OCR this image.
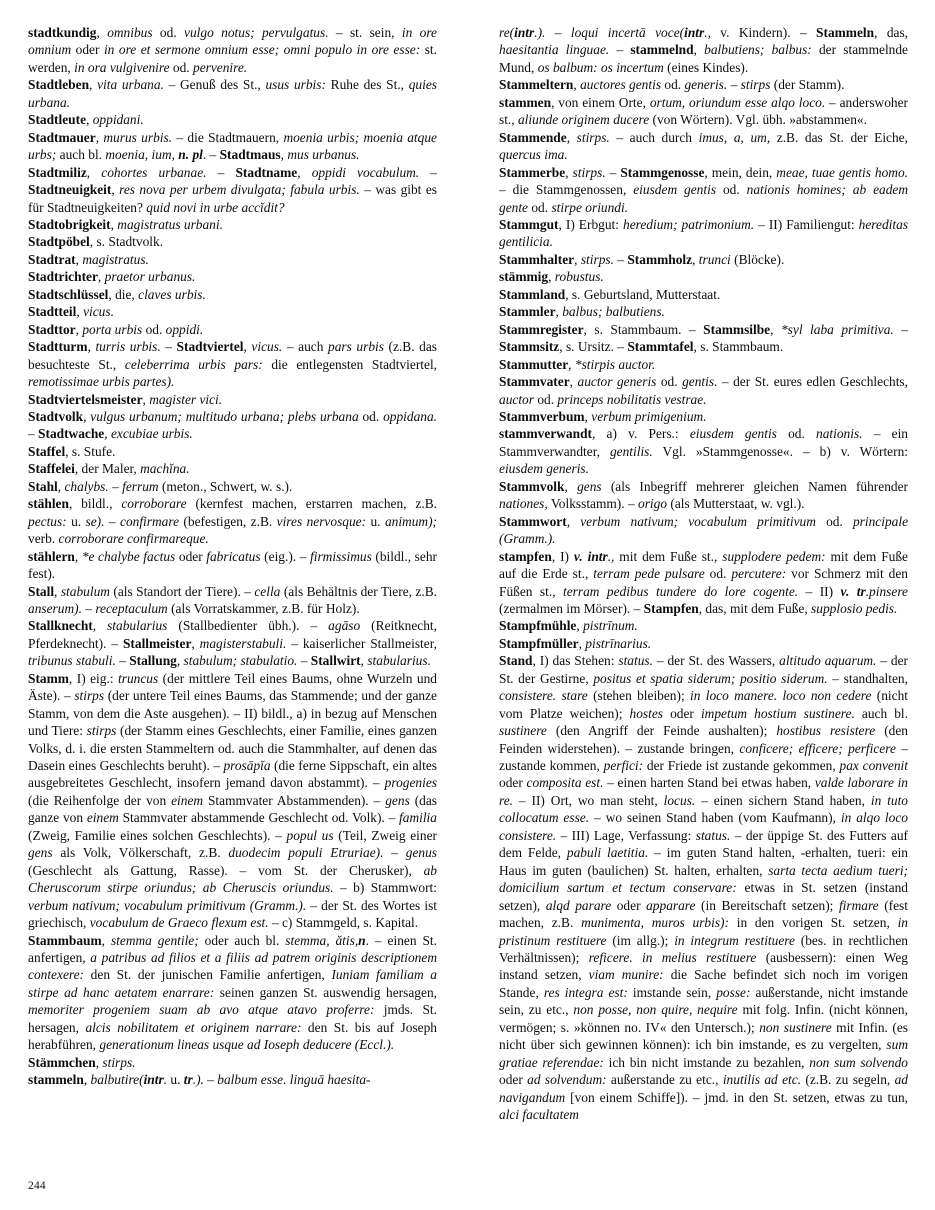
stadtkundig, omnibus od. vulgo notus; pervulgatus. – st. sein, in ore omnium oder in ore et sermone omnium esse; omni populo in ore esse: st. werden, in ora vulgivenire od. pervenire.

Stadtleben, vita urbana. – Genuß des St., usus urbis: Ruhe des St., quies urbana.

Stadtleute, oppidani.

Stadtmauer, murus urbis. – die Stadtmauern, moenia urbis; moenia atque urbs; auch bl. moenia, ium, n. pl. – Stadtmaus, mus urbanus.

Stadtmiliz, cohortes urbanae. – Stadtname, oppidi vocabulum. – Stadtneuigkeit, res nova per urbem divulgata; fabula urbis. – was gibt es für Stadtneuigkeiten? quid novi in urbe accĭdit?

Stadtobrigkeit, magistratus urbani.

Stadtpöbel, s. Stadtvolk.

Stadtrat, magistratus.

Stadtrichter, praetor urbanus.

Stadtschlüssel, die, claves urbis.

Stadtteil, vicus.

Stadttor, porta urbis od. oppidi.

Stadtturm, turris urbis. – Stadtviertel, vicus. – auch pars urbis (z.B. das besuchteste St., celeberrima urbis pars: die entlegensten Stadtviertel, remotissimae urbis partes).

Stadtviertelsmeister, magister vici.

Stadtvolk, vulgus urbanum; multitudo urbana; plebs urbana od. oppidana. – Stadtwache, excubiae urbis.

Staffel, s. Stufe.

Staffelei, der Maler, machĭna.

Stahl, chalybs. – ferrum (meton., Schwert, w. s.).

stählen, bildl., corroborare (kernfest machen, erstarren machen, z.B. pectus: u. se). – confirmare (befestigen, z.B. vires nervosque: u. animum); verb. corroborare confirmareque.

stählern, *e chalybe factus oder fabricatus (eig.). – firmissimus (bildl., sehr fest).

Stall, stabulum (als Standort der Tiere). – cella (als Behältnis der Tiere, z.B. anserum). – receptaculum (als Vorratskammer, z.B. für Holz).

Stallknecht, stabularius (Stallbedienter übh.). – agāso (Reitknecht, Pferdeknecht). – Stallmeister, magisterstabuli. – kaiserlicher Stallmeister, tribunus stabuli. – Stallung, stabulum; stabulatio. – Stallwirt, stabularius.

Stamm, I) eig.: truncus (der mittlere Teil eines Baums, ohne Wurzeln und Äste). – stirps (der untere Teil eines Baums, das Stammende; und der ganze Stamm, von dem die Aste ausgehen). – II) bildl., a) in bezug auf Menschen und Tiere: stirps (der Stamm eines Geschlechts, einer Familie, eines ganzen Volks, d. i. die ersten Stammeltern od. auch die Stammhalter, auf denen das Dasein eines Geschlechts beruht). – prosāpĭa (die ferne Sippschaft, ein altes ausgebreitetes Geschlecht, insofern jemand davon abstammt). – progenies (die Reihenfolge der von einem Stammvater Abstammenden). – gens (das ganze von einem Stammvater abstammende Geschlecht od. Volk). – familia (Zweig, Familie eines solchen Geschlechts). – popul us (Teil, Zweig einer gens als Volk, Völkerschaft, z.B. duodecim populi Etruriae). – genus (Geschlecht als Gattung, Rasse). – vom St. der Cherusker), ab Cheruscorum stirpe oriundus; ab Cheruscis oriundus. – b) Stammwort: verbum nativum; vocabulum primitivum (Gramm.). – der St. des Wortes ist griechisch, vocabulum de Graeco flexum est. – c) Stammgeld, s. Kapital.

Stammbaum, stemma gentile; oder auch bl. stemma, ătis,n. – einen St. anfertigen, a patribus ad filios et a filiis ad patrem originis descriptionem contexere: den St. der junischen Familie anfertigen, Iuniam familiam a stirpe ad hanc aetatem enarrare: seinen ganzen St. auswendig hersagen, memoriter progeniem suam ab avo atque atavo proferre: jmds. St. hersagen, alcis nobilitatem et originem narrare: den St. bis auf Joseph herabführen, generationum lineas usque ad Ioseph deducere (Eccl.).

Stämmchen, stirps.

stammeln, balbutire(intr. u. tr.). – balbum esse. linguā haesita-

re(intr.). – loqui incertā voce(intr., v. Kindern). – Stammeln, das, haesitantia linguae. – stammelnd, balbutiens; balbus: der stammelnde Mund, os balbum: os incertum (eines Kindes).

Stammeltern, auctores gentis od. generis. – stirps (der Stamm).

stammen, von einem Orte, ortum, oriundum esse alqo loco. – anderswoher st., aliunde originem ducere (von Wörtern). Vgl. übh. »abstammen«.

Stammende, stirps. – auch durch imus, a, um, z.B. das St. der Eiche, quercus ima.

Stammerbe, stirps. – Stammgenosse, mein, dein, meae, tuae gentis homo. – die Stammgenossen, eiusdem gentis od. nationis homines; ab eadem gente od. stirpe oriundi.

Stammgut, I) Erbgut: heredium; patrimonium. – II) Familiengut: hereditas gentilicia.

Stammhalter, stirps. – Stammholz, trunci (Blöcke).

stämmig, robustus.

Stammland, s. Geburtsland, Mutterstaat.

Stammler, balbus; balbutiens.

Stammregister, s. Stammbaum. – Stammsilbe, *syl laba primitiva. – Stammsitz, s. Ursitz. – Stammtafel, s. Stammbaum.

Stammutter, *stirpis auctor.

Stammvater, auctor generis od. gentis. – der St. eures edlen Geschlechts, auctor od. princeps nobilitatis vestrae.

Stammverbum, verbum primigenium.

stammverwandt, a) v. Pers.: eiusdem gentis od. nationis. – ein Stammverwandter, gentilis. Vgl. »Stammgenosse«. – b) v. Wörtern: eiusdem generis.

Stammvolk, gens (als Inbegriff mehrerer gleichen Namen führender nationes, Volksstamm). – origo (als Mutterstaat, w. vgl.).

Stammwort, verbum nativum; vocabulum primitivum od. principale (Gramm.).

stampfen, I) v. intr., mit dem Fuße st., supplodere pedem: mit dem Fuße auf die Erde st., terram pede pulsare od. percutere: vor Schmerz mit den Füßen st., terram pedibus tundere do lore cogente. – II) v. tr.pinsere (zermalmen im Mörser). – Stampfen, das, mit dem Fuße, supplosio pedis.

Stampfmühle, pistrīnum.

Stampfmüller, pistrīnarius.

Stand, I) das Stehen: status. – der St. des Wassers, altitudo aquarum. – der St. der Gestirne, positus et spatia siderum; positio siderum. – standhalten, consistere. stare (stehen bleiben); in loco manere. loco non cedere (nicht vom Platze weichen); hostes oder impetum hostium sustinere. auch bl. sustinere (den Angriff der Feinde aushalten); hostibus resistere (den Feinden widerstehen). – zustande bringen, conficere; efficere; perficere – zustande kommen, perfici: der Friede ist zustande gekommen, pax convenit oder composita est. – einen harten Stand bei etwas haben, valde laborare in re. – II) Ort, wo man steht, locus. – einen sichern Stand haben, in tuto collocatum esse. – wo seinen Stand haben (vom Kaufmann), in alqo loco consistere. – III) Lage, Verfassung: status. – der üppige St. des Futters auf dem Felde, pabuli laetitia. – im guten Stand halten, -erhalten, tueri: ein Haus im guten (baulichen) St. halten, erhalten, sarta tecta aedium tueri; domicilium sartum et tectum conservare: etwas in St. setzen (instand setzen), alqd parare oder apparare (in Bereitschaft setzen); firmare (fest machen, z.B. munimenta, muros urbis): in den vorigen St. setzen, in pristinum restituere (im allg.); in integrum restituere (bes. in rechtlichen Verhältnissen); reficere. in melius restituere (ausbessern): einen Weg instand setzen, viam munire: die Sache befindet sich noch im vorigen Stande, res integra est: imstande sein, posse: außerstande, nicht imstande sein, zu etc., non posse, non quire, nequire mit folg. Infin. (nicht können, vermögen; s. »können no. IV« den Untersch.); non sustinere mit Infin. (es nicht über sich gewinnen können): ich bin imstande, es zu vergelten, sum gratiae referendae: ich bin nicht imstande zu bezahlen, non sum solvendo oder ad solvendum: außerstande zu etc., inutilis ad etc. (z.B. zu segeln, ad navigandum [von einem Schiffe]). – jmd. in den St. setzen, etwas zu tun, alci facultatem

244
